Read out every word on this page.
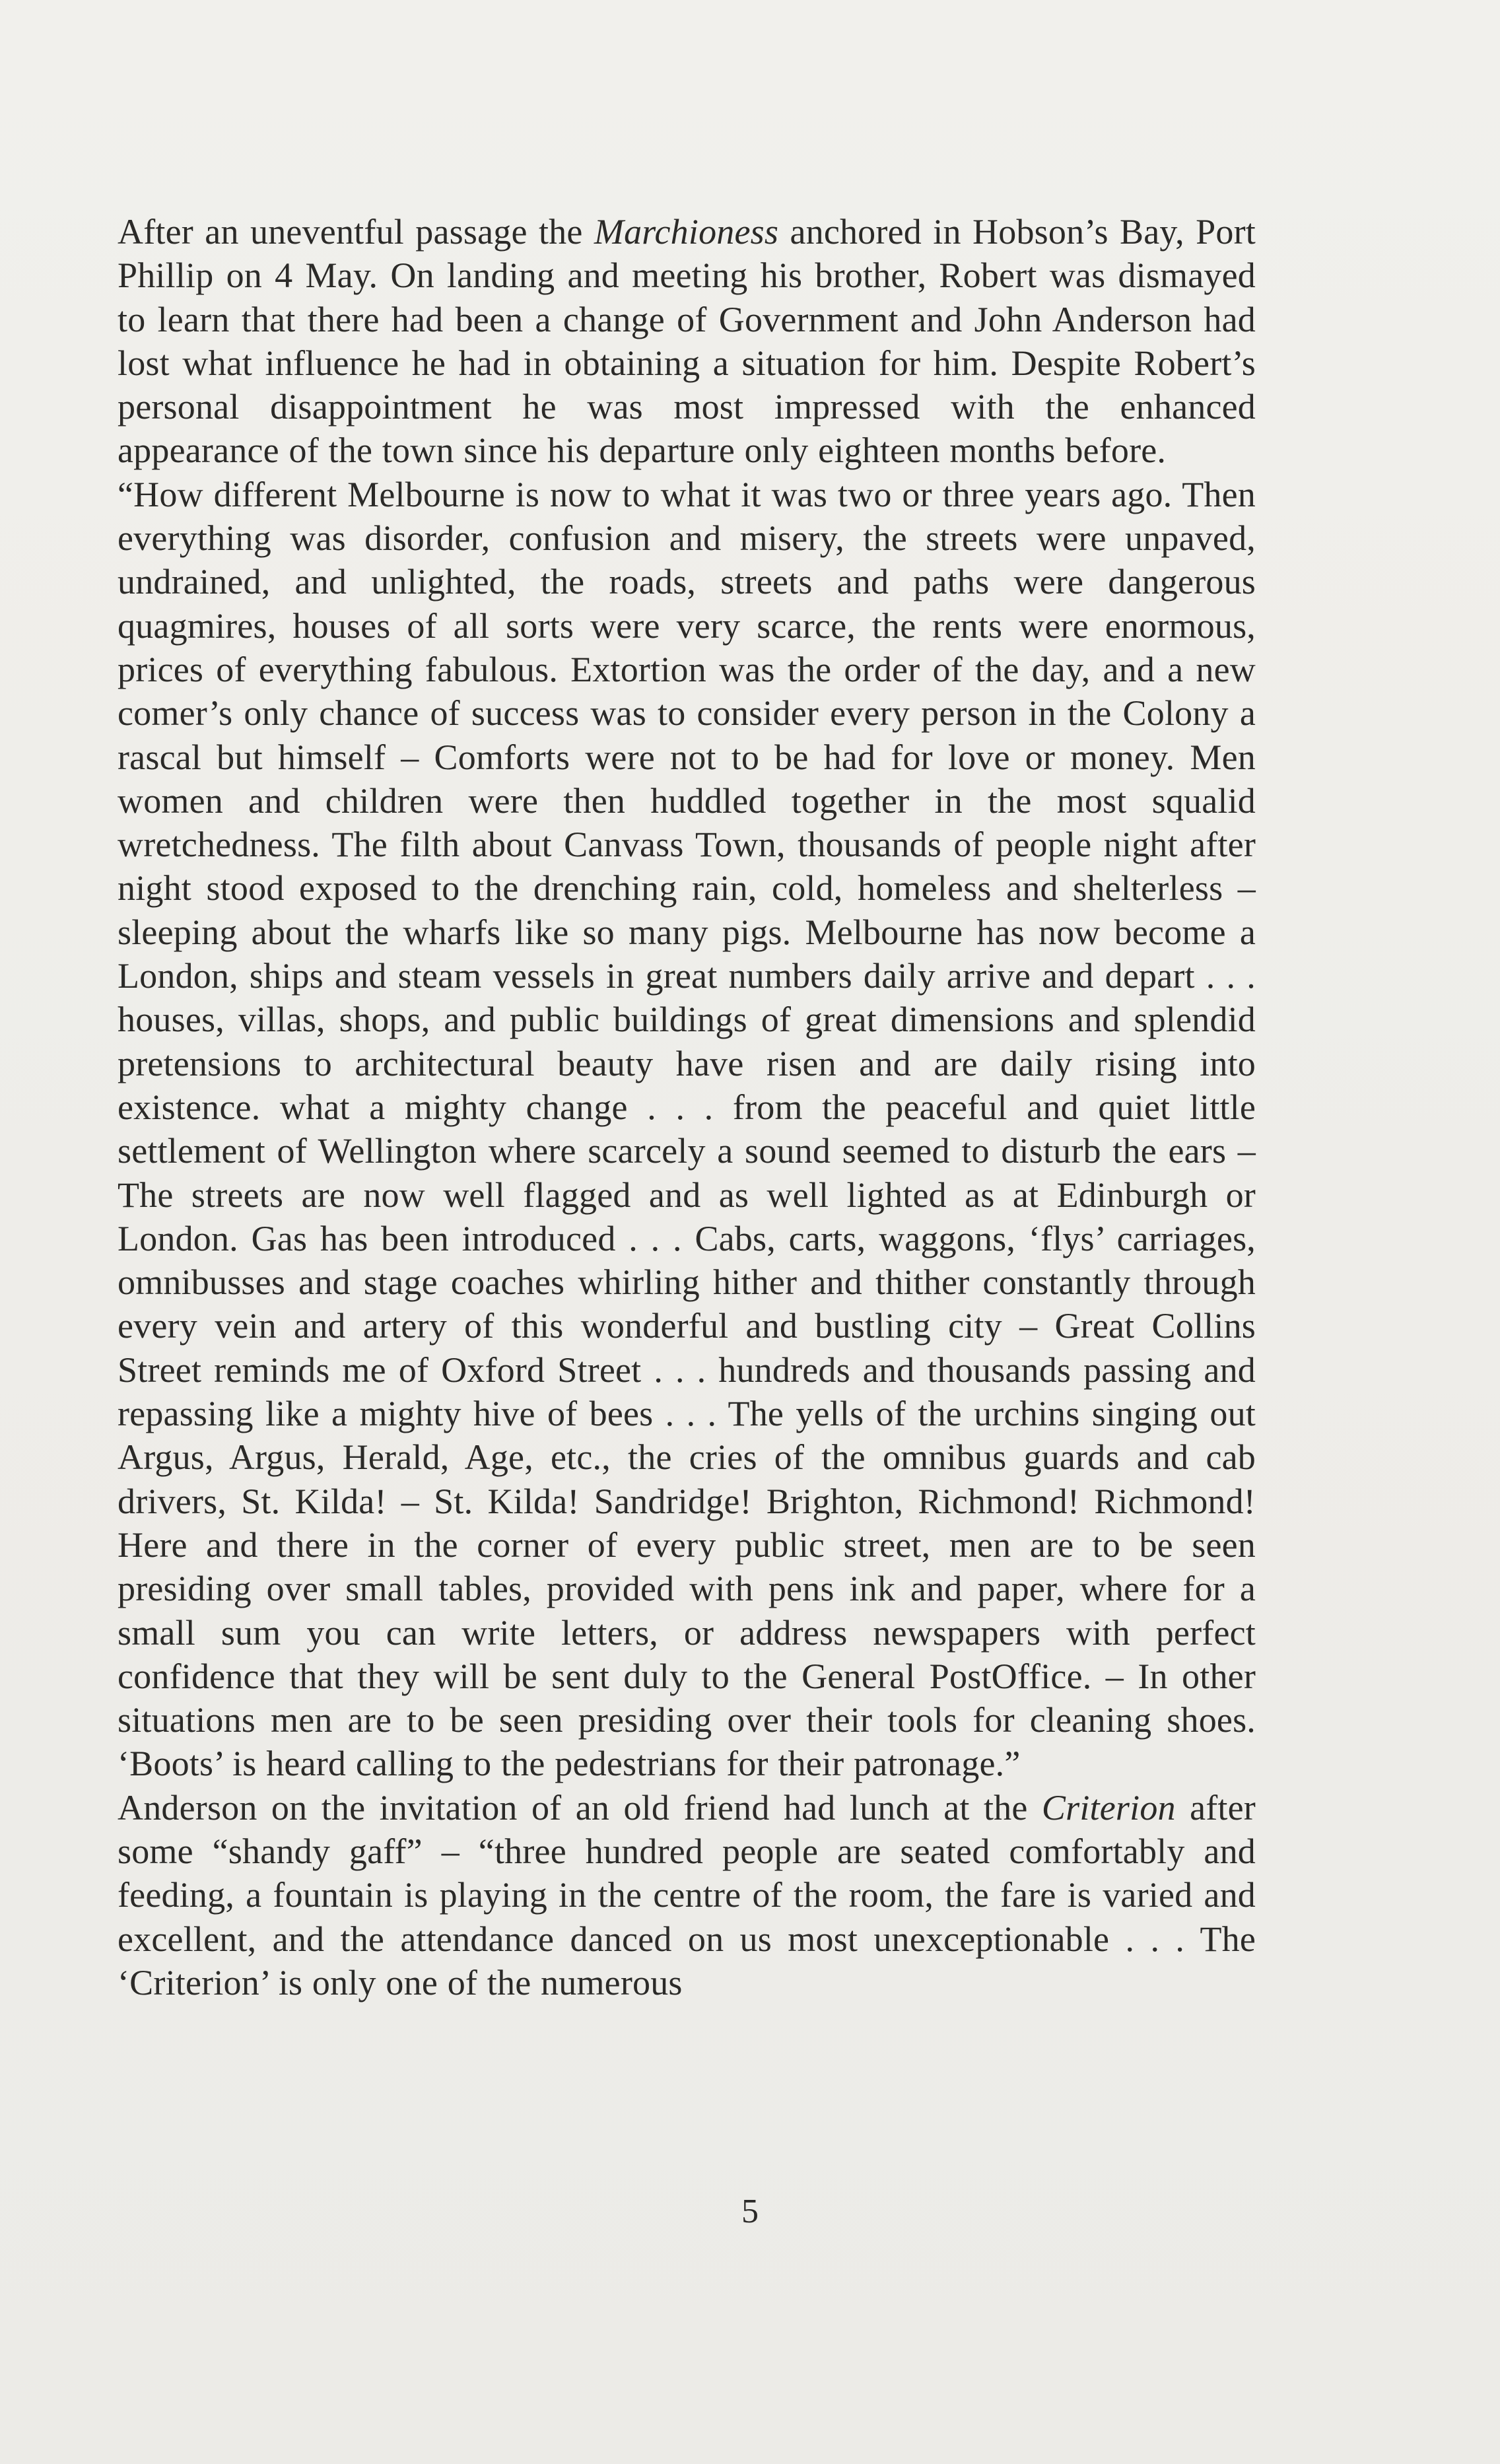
After an uneventful passage the Marchioness anchored in Hobson’s Bay, Port Phillip on 4 May. On landing and meeting his brother, Robert was dismayed to learn that there had been a change of Government and John Anderson had lost what influence he had in obtaining a situation for him. Despite Robert’s personal disappointment he was most impressed with the enhanced appearance of the town since his departure only eighteen months before.

“How different Melbourne is now to what it was two or three years ago. Then everything was disorder, confusion and misery, the streets were unpaved, undrained, and unlighted, the roads, streets and paths were dangerous quagmires, houses of all sorts were very scarce, the rents were enormous, prices of everything fabulous. Extortion was the order of the day, and a new comer’s only chance of success was to consider every person in the Colony a rascal but himself – Comforts were not to be had for love or money. Men women and children were then huddled together in the most squalid wretchedness. The filth about Canvass Town, thousands of people night after night stood exposed to the drenching rain, cold, homeless and shelterless – sleeping about the wharfs like so many pigs. Melbourne has now become a London, ships and steam vessels in great numbers daily arrive and depart . . . houses, villas, shops, and public buildings of great dimensions and splendid pretensions to architectural beauty have risen and are daily rising into existence. what a mighty change . . . from the peaceful and quiet little settlement of Wellington where scarcely a sound seemed to disturb the ears – The streets are now well flagged and as well lighted as at Edinburgh or London. Gas has been introduced . . . Cabs, carts, waggons, ‘flys’ carriages, omnibusses and stage coaches whirling hither and thither constantly through every vein and artery of this wonderful and bustling city – Great Collins Street reminds me of Oxford Street . . . hundreds and thousands passing and repassing like a mighty hive of bees . . . The yells of the urchins singing out Argus, Argus, Herald, Age, etc., the cries of the omnibus guards and cab drivers, St. Kilda! – St. Kilda! Sandridge! Brighton, Richmond! Richmond! Here and there in the corner of every public street, men are to be seen presiding over small tables, provided with pens ink and paper, where for a small sum you can write letters, or address newspapers with perfect confidence that they will be sent duly to the General PostOffice. – In other situations men are to be seen presiding over their tools for cleaning shoes. ‘Boots’ is heard calling to the pedestrians for their patronage.”

Anderson on the invitation of an old friend had lunch at the Criterion after some “shandy gaff” – “three hundred people are seated comfortably and feeding, a fountain is playing in the centre of the room, the fare is varied and excellent, and the attendance danced on us most unexceptionable . . . The ‘Criterion’ is only one of the numerous

5
